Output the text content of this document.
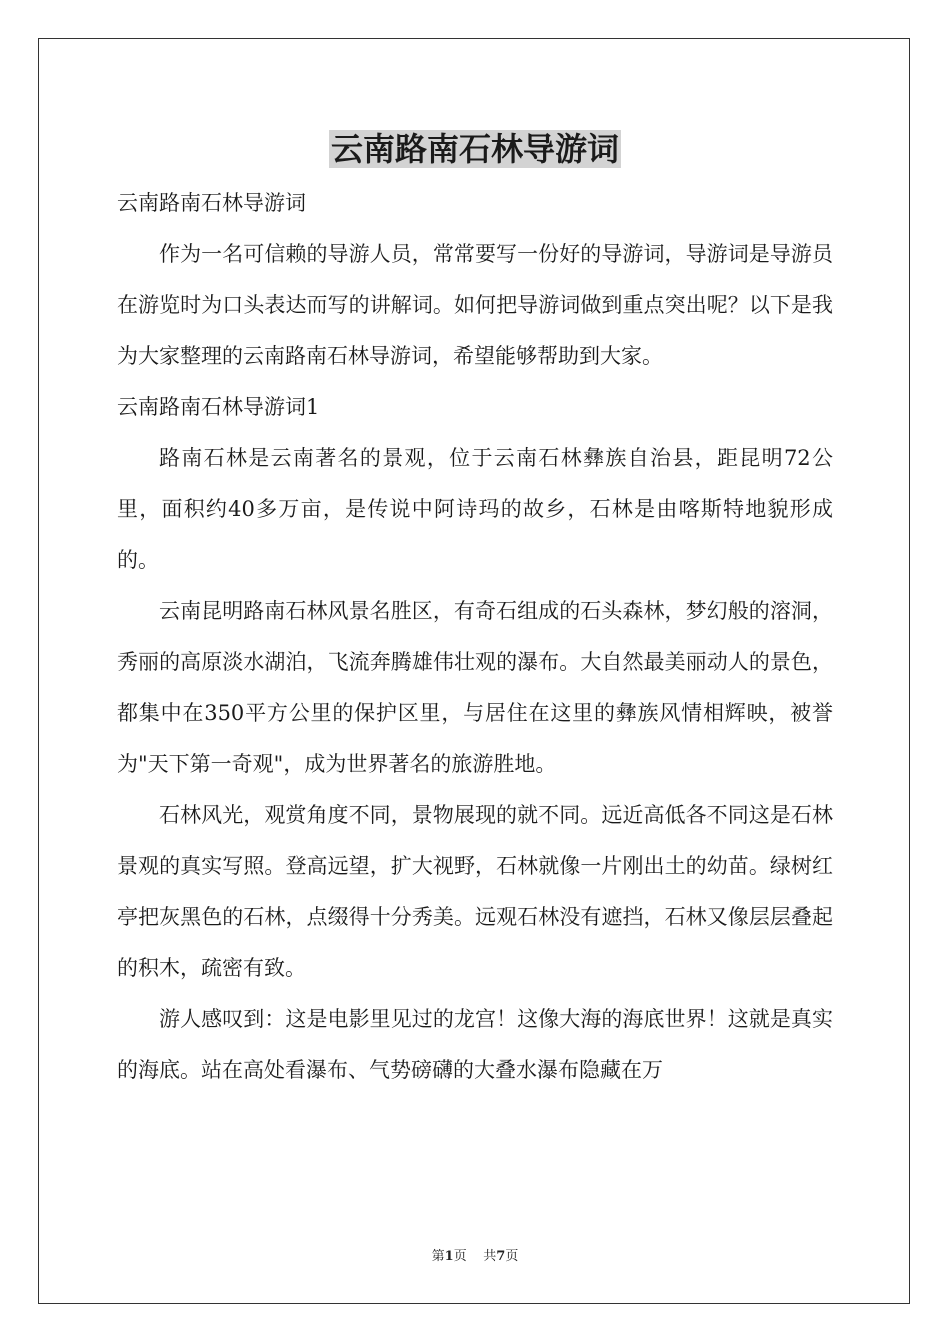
云南路南石林导游词

云南路南石林导游词

作为一名可信赖的导游人员，常常要写一份好的导游词，导游词是导游员在游览时为口头表达而写的讲解词。如何把导游词做到重点突出呢？以下是我为大家整理的云南路南石林导游词，希望能够帮助到大家。

云南路南石林导游词1

路南石林是云南著名的景观，位于云南石林彝族自治县，距昆明72公里，面积约40多万亩，是传说中阿诗玛的故乡，石林是由喀斯特地貌形成的。

云南昆明路南石林风景名胜区，有奇石组成的石头森林，梦幻般的溶洞，秀丽的高原淡水湖泊，飞流奔腾雄伟壮观的瀑布。大自然最美丽动人的景色，都集中在350平方公里的保护区里，与居住在这里的彝族风情相辉映，被誉为"天下第一奇观"，成为世界著名的旅游胜地。

石林风光，观赏角度不同，景物展现的就不同。远近高低各不同这是石林景观的真实写照。登高远望，扩大视野，石林就像一片刚出土的幼苗。绿树红亭把灰黑色的石林，点缀得十分秀美。远观石林没有遮挡，石林又像层层叠起的积木，疏密有致。

游人感叹到：这是电影里见过的龙宫！这像大海的海底世界！这就是真实的海底。站在高处看瀑布、气势磅礴的大叠水瀑布隐藏在万

第1页 共7页
